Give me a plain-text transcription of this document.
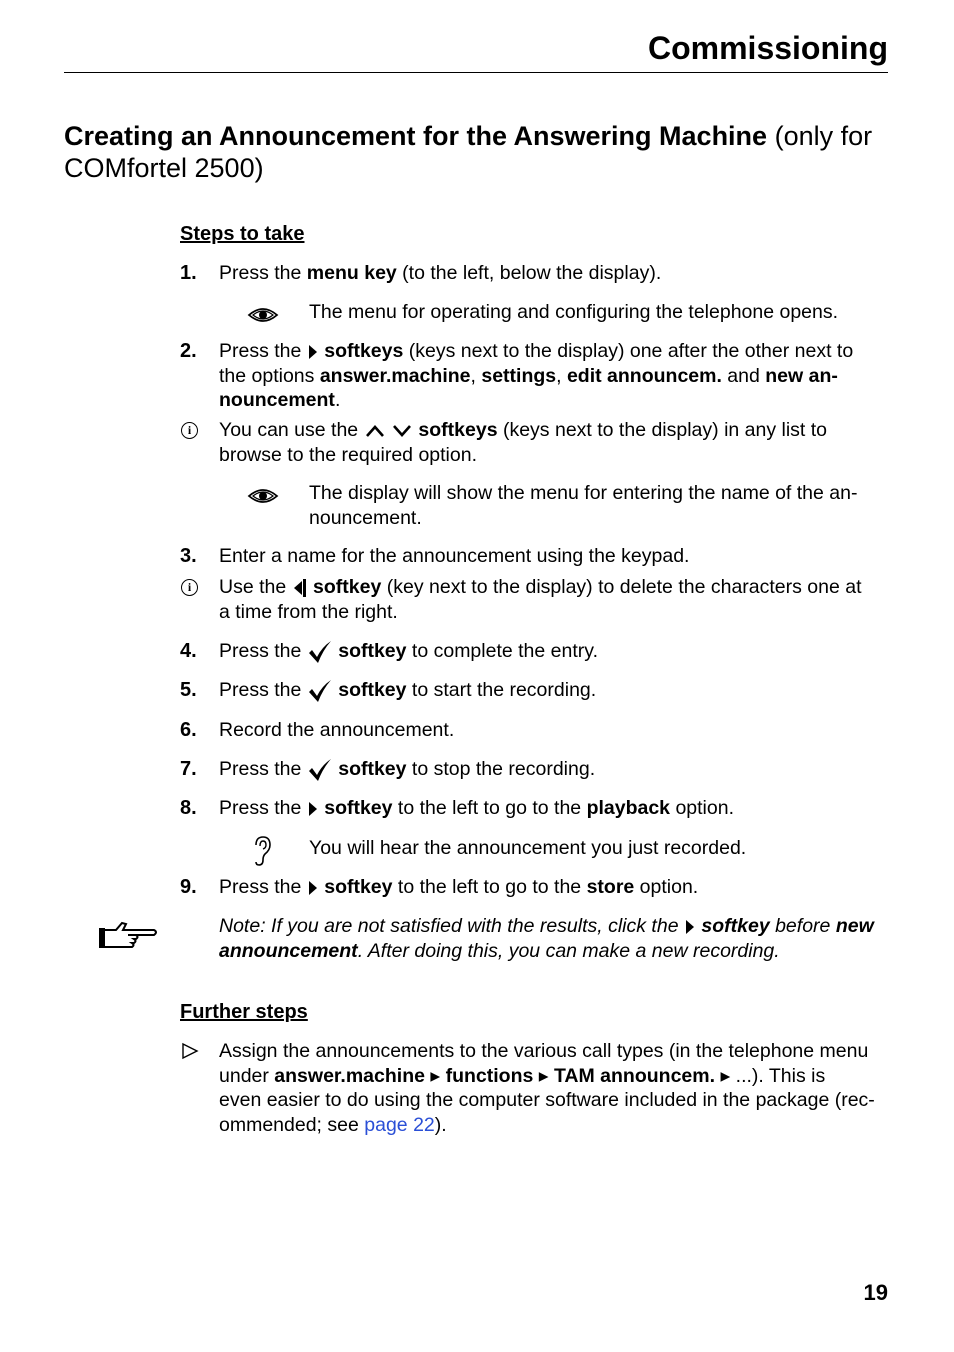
Commissioning
Creating an Announcement for the Answering Machine (only for
COMfortel 2500)
Steps to take
1. Press the menu key (to the left, below the display).
The menu for operating and configuring the telephone opens.
2. Press the  softkeys (keys next to the display) one after the other next to
the options answer.machine, settings, edit announcem. and new an-
nouncement.
i	You can use the	softkeys (keys next to the display) in any list to
browse to the required option.
The display will show the menu for entering the name of the an-
nouncement.
3. Enter a name for the announcement using the keypad.
i	Use the  softkey (key next to the display) to delete the characters one at
a time from the right.
4. Press the  softkey to complete the entry.
5. Press the  softkey to start the recording.
6. Record the announcement.
7. Press the  softkey to stop the recording.
8. Press the  softkey to the left to go to the playback option.
You will hear the announcement you just recorded.
9. Press the  softkey to the left to go to the store option.
Note: If you are not satisfied with the results, click the  softkey before new
announcement. After doing this, you can make a new recording.
Further steps
Assign the announcements to the various call types (in the telephone menu
under answer.machine ▸ functions ▸ TAM announcem. ▸ ...). This is
even easier to do using the computer software included in the package (rec-
ommended; see page 22).
19
